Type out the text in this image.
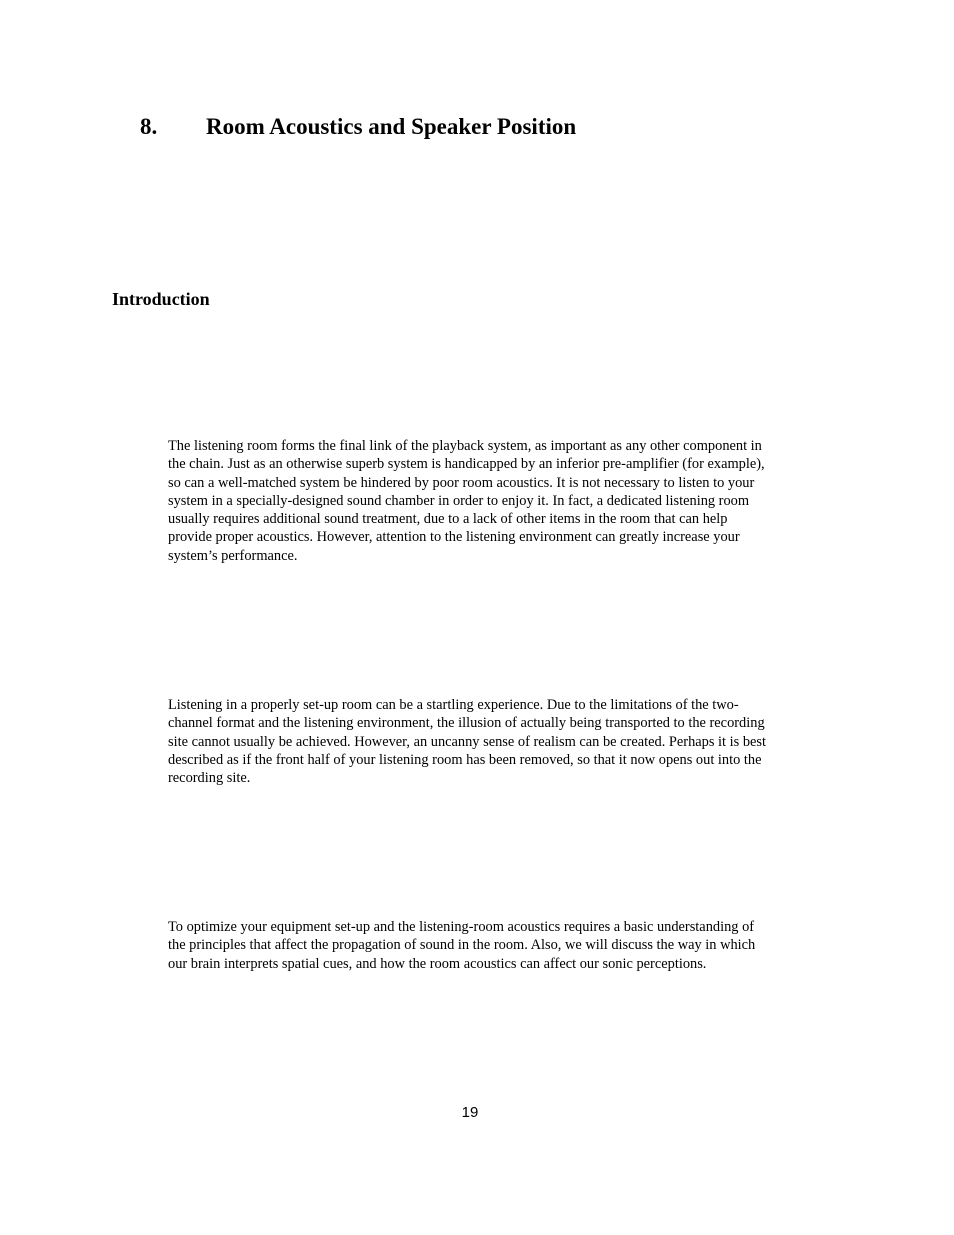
8. Room Acoustics and Speaker Position
Introduction
The listening room forms the final link of the playback system, as important as any other component in
the chain. Just as an otherwise superb system is handicapped by an inferior pre-amplifier (for example),
so can a well-matched system be hindered by poor room acoustics. It is not necessary to listen to your
system in a specially-designed sound chamber in order to enjoy it. In fact, a dedicated listening room
usually requires additional sound treatment, due to a lack of other items in the room that can help
provide proper acoustics. However, attention to the listening environment can greatly increase your
system’s performance.
Listening in a properly set-up room can be a startling experience. Due to the limitations of the two-
channel format and the listening environment, the illusion of actually being transported to the recording
site cannot usually be achieved. However, an uncanny sense of realism can be created. Perhaps it is best
described as if the front half of your listening room has been removed, so that it now opens out into the
recording site.
To optimize your equipment set-up and the listening-room acoustics requires a basic understanding of
the principles that affect the propagation of sound in the room. Also, we will discuss the way in which
our brain interprets spatial cues, and how the room acoustics can affect our sonic perceptions.
19
